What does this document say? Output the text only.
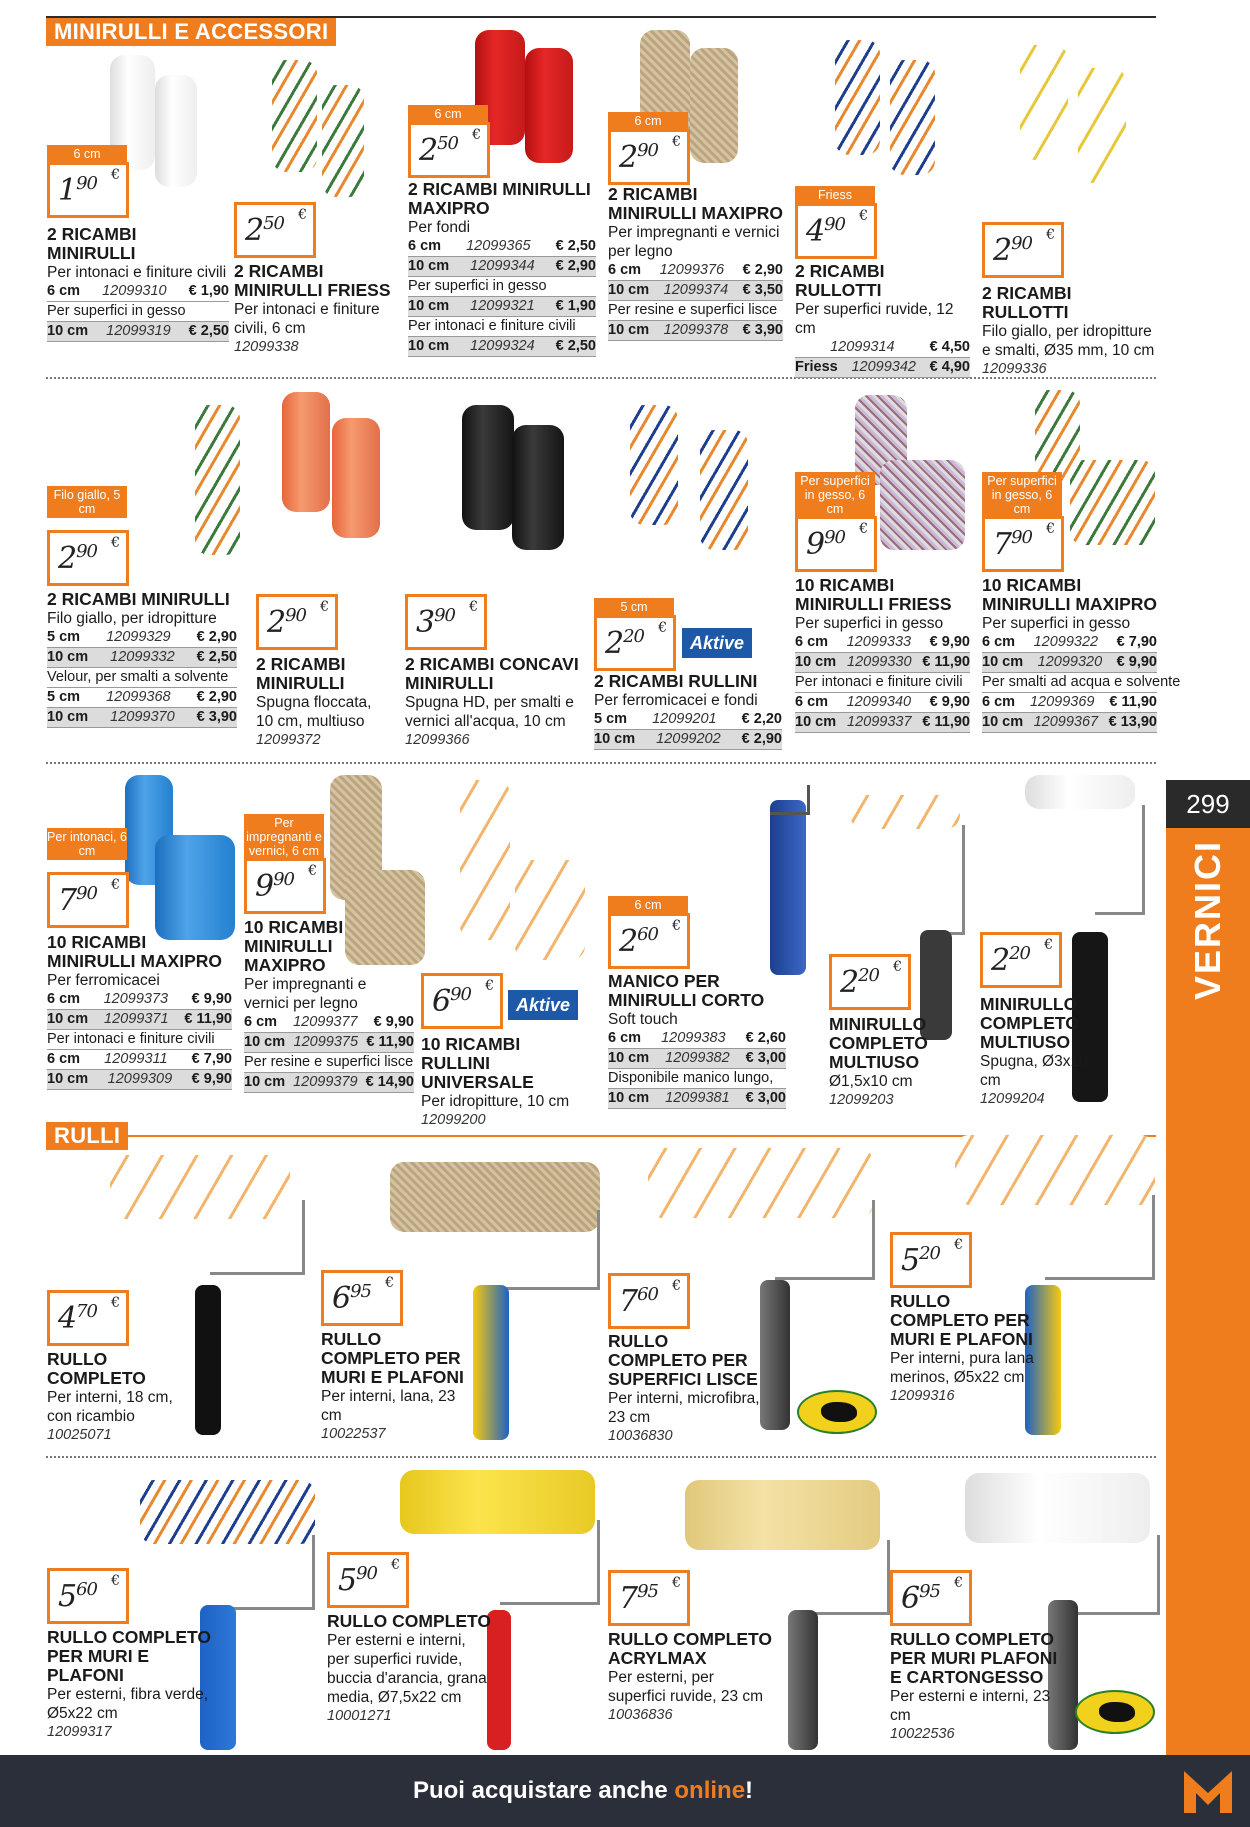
MINIRULLI E ACCESSORI
RULLI
299
VERNICI
Puoi acquistare anche online!
6 cm
$1^{90}$ €
2 RICAMBI MINIRULLI
Per intonaci e finiture civili
6 cm 12099310 € 1,90
Per superfici in gesso
10 cm 12099319 € 2,50
$2^{50}$ €
2 RICAMBI MINIRULLI FRIESS
Per intonaci e finiture civili, 6 cm
12099338
6 cm
$2^{50}$ €
2 RICAMBI MINIRULLI MAXIPRO
Per fondi
6 cm 12099365 € 2,50
10 cm 12099344 € 2,90
Per superfici in gesso
10 cm 12099321 € 1,90
Per intonaci e finiture civili
10 cm 12099324 € 2,50
6 cm
$2^{90}$ €
2 RICAMBI MINIRULLI MAXIPRO
Per impregnanti e vernici per legno
6 cm 12099376 € 2,90
10 cm 12099374 € 3,50
Per resine e superfici lisce
10 cm 12099378 € 3,90
Friess
$4^{90}$ €
2 RICAMBI RULLOTTI
Per superfici ruvide, 12 cm
12099314 € 4,50
Friess 12099342 € 4,90
$2^{90}$ €
2 RICAMBI RULLOTTI
Filo giallo, per idropitture e smalti, Ø35 mm, 10 cm
12099336
Filo giallo, 5 cm
$2^{90}$ €
2 RICAMBI MINIRULLI
Filo giallo, per idropitture
5 cm 12099329 € 2,90
10 cm 12099332 € 2,50
Velour, per smalti a solvente
5 cm 12099368 € 2,90
10 cm 12099370 € 3,90
$2^{90}$ €
2 RICAMBI MINIRULLI
Spugna floccata, 10 cm, multiuso
12099372
$3^{90}$ €
2 RICAMBI CONCAVI MINIRULLI
Spugna HD, per smalti e vernici all'acqua, 10 cm
12099366
5 cm
$2^{20}$ €
Aktive
2 RICAMBI RULLINI
Per ferromicacei e fondi
5 cm 12099201 € 2,20
10 cm 12099202 € 2,90
Per superfici in gesso, 6 cm
$9^{90}$ €
10 RICAMBI MINIRULLI FRIESS
Per superfici in gesso
6 cm 12099333 € 9,90
10 cm 12099330 € 11,90
Per intonaci e finiture civili
6 cm 12099340 € 9,90
10 cm 12099337 € 11,90
Per superfici in gesso, 6 cm
$7^{90}$ €
10 RICAMBI MINIRULLI MAXIPRO
Per superfici in gesso
6 cm 12099322 € 7,90
10 cm 12099320 € 9,90
Per smalti ad acqua e solvente
6 cm 12099369 € 11,90
10 cm 12099367 € 13,90
Per intonaci, 6 cm
$7^{90}$ €
10 RICAMBI MINIRULLI MAXIPRO
Per ferromicacei
6 cm 12099373 € 9,90
10 cm 12099371 € 11,90
Per intonaci e finiture civili
6 cm 12099311 € 7,90
10 cm 12099309 € 9,90
Per impregnanti e vernici, 6 cm
$9^{90}$ €
10 RICAMBI MINIRULLI MAXIPRO
Per impregnanti e vernici per legno
6 cm 12099377 € 9,90
10 cm 12099375 € 11,90
Per resine e superfici lisce
10 cm 12099379 € 14,90
$6^{90}$ €
Aktive
10 RICAMBI RULLINI UNIVERSALE
Per idropitture, 10 cm
12099200
6 cm
$2^{60}$ €
MANICO PER MINIRULLI CORTO
Soft touch
6 cm 12099383 € 2,60
10 cm 12099382 € 3,00
Disponibile manico lungo,
10 cm 12099381 € 3,00
$2^{20}$ €
MINIRULLO COMPLETO MULTIUSO
Ø1,5x10 cm
12099203
$2^{20}$ €
MINIRULLO COMPLETO MULTIUSO
Spugna, Ø3x10 cm
12099204
$4^{70}$ €
RULLO COMPLETO
Per interni, 18 cm, con ricambio
10025071
$6^{95}$ €
RULLO COMPLETO PER MURI E PLAFONI
Per interni, lana, 23 cm
10022537
$7^{60}$ €
RULLO COMPLETO PER SUPERFICI LISCE
Per interni, microfibra, 23 cm
10036830
$5^{20}$ €
RULLO COMPLETO PER MURI E PLAFONI
Per interni, pura lana merinos, Ø5x22 cm
12099316
$5^{60}$ €
RULLO COMPLETO PER MURI E PLAFONI
Per esterni, fibra verde, Ø5x22 cm
12099317
$5^{90}$ €
RULLO COMPLETO
Per esterni e interni, per superfici ruvide, buccia d'arancia, grana media, Ø7,5x22 cm
10001271
$7^{95}$ €
RULLO COMPLETO ACRYLMAX
Per esterni, per superfici ruvide, 23 cm
10036836
$6^{95}$ €
RULLO COMPLETO PER MURI PLAFONI E CARTONGESSO
Per esterni e interni, 23 cm
10022536
